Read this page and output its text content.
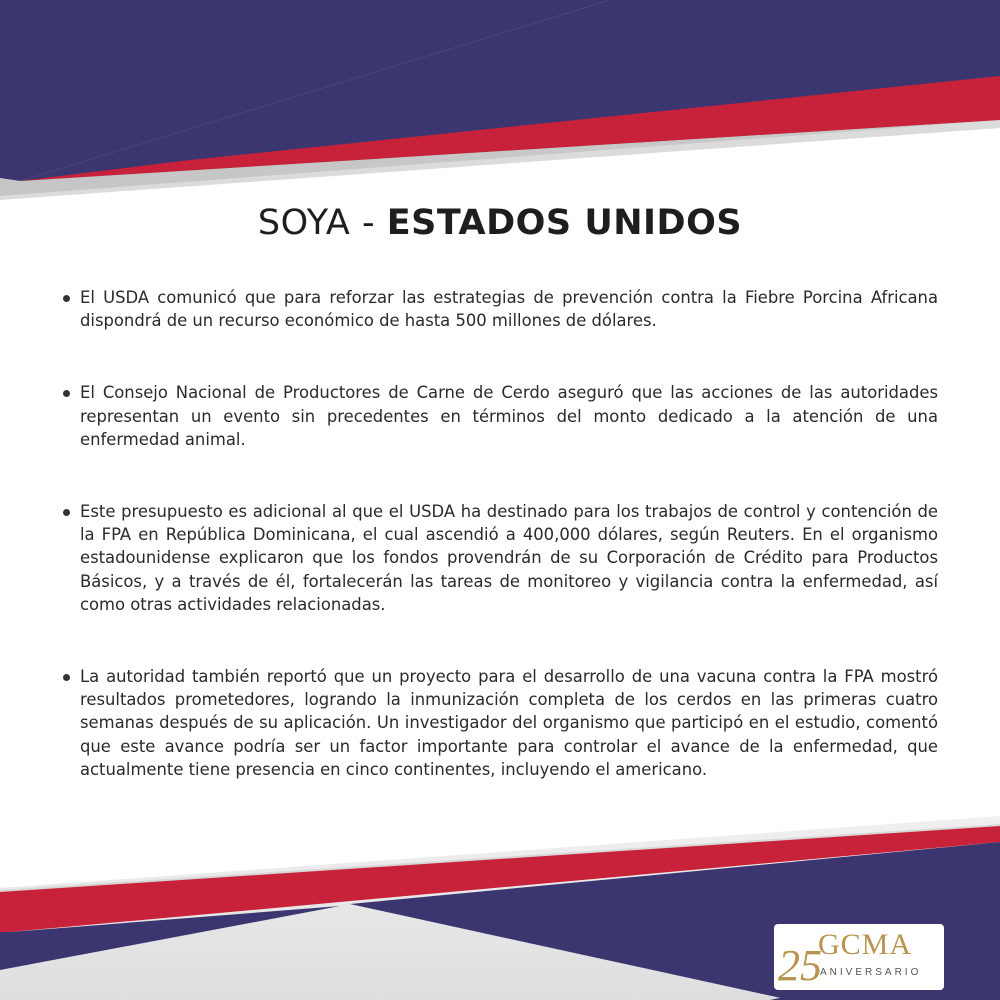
SOYA - ESTADOS UNIDOS
El USDA comunicó que para reforzar las estrategias de prevención contra la Fiebre Porcina Africana dispondrá de un recurso económico de hasta 500 millones de dólares.
El Consejo Nacional de Productores de Carne de Cerdo aseguró que las acciones de las autoridades representan un evento sin precedentes en términos del monto dedicado a la atención de una enfermedad animal.
Este presupuesto es adicional al que el USDA ha destinado para los trabajos de control y contención de la FPA en República Dominicana, el cual ascendió a 400,000 dólares, según Reuters. En el organismo estadounidense explicaron que los fondos provendrán de su Corporación de Crédito para Productos Básicos, y a través de él, fortalecerán las tareas de monitoreo y vigilancia contra la enfermedad, así como otras actividades relacionadas.
La autoridad también reportó que un proyecto para el desarrollo de una vacuna contra la FPA mostró resultados prometedores, logrando la inmunización completa de los cerdos en las primeras cuatro semanas después de su aplicación. Un investigador del organismo que participó en el estudio, comentó que este avance podría ser un factor importante para controlar el avance de la enfermedad, que actualmente tiene presencia en cinco continentes, incluyendo el americano.
25
GCMA
ANIVERSARIO
